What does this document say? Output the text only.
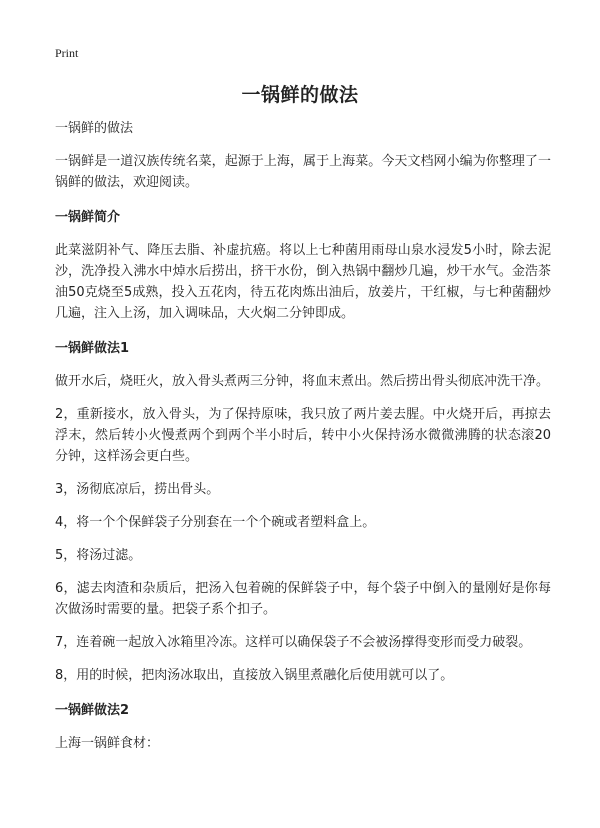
Print
一锅鲜的做法

一锅鲜的做法

一锅鲜是一道汉族传统名菜，起源于上海，属于上海菜。今天文档网小编为你整理了一锅鲜的做法，欢迎阅读。

一锅鲜简介

此菜滋阴补气、降压去脂、补虚抗癌。将以上七种菌用雨母山泉水浸发5小时，除去泥沙，洗净投入沸水中焯水后捞出，挤干水份，倒入热锅中翻炒几遍，炒干水气。金浩茶油50克烧至5成熟，投入五花肉，待五花肉炼出油后，放姜片，干红椒，与七种菌翻炒几遍，注入上汤，加入调味品，大火焖二分钟即成。

一锅鲜做法1

做开水后，烧旺火，放入骨头煮两三分钟，将血末煮出。然后捞出骨头彻底冲洗干净。

2，重新接水，放入骨头，为了保持原味，我只放了两片姜去腥。中火烧开后，再掠去浮末，然后转小火慢煮两个到两个半小时后，转中小火保持汤水微微沸腾的状态滚20分钟，这样汤会更白些。

3，汤彻底凉后，捞出骨头。

4，将一个个保鲜袋子分别套在一个个碗或者塑料盒上。

5，将汤过滤。

6，滤去肉渣和杂质后，把汤入包着碗的保鲜袋子中，每个袋子中倒入的量刚好是你每次做汤时需要的量。把袋子系个扣子。

7，连着碗一起放入冰箱里冷冻。这样可以确保袋子不会被汤撑得变形而受力破裂。

8，用的时候，把肉汤冰取出，直接放入锅里煮融化后使用就可以了。

一锅鲜做法2

上海一锅鲜食材：
